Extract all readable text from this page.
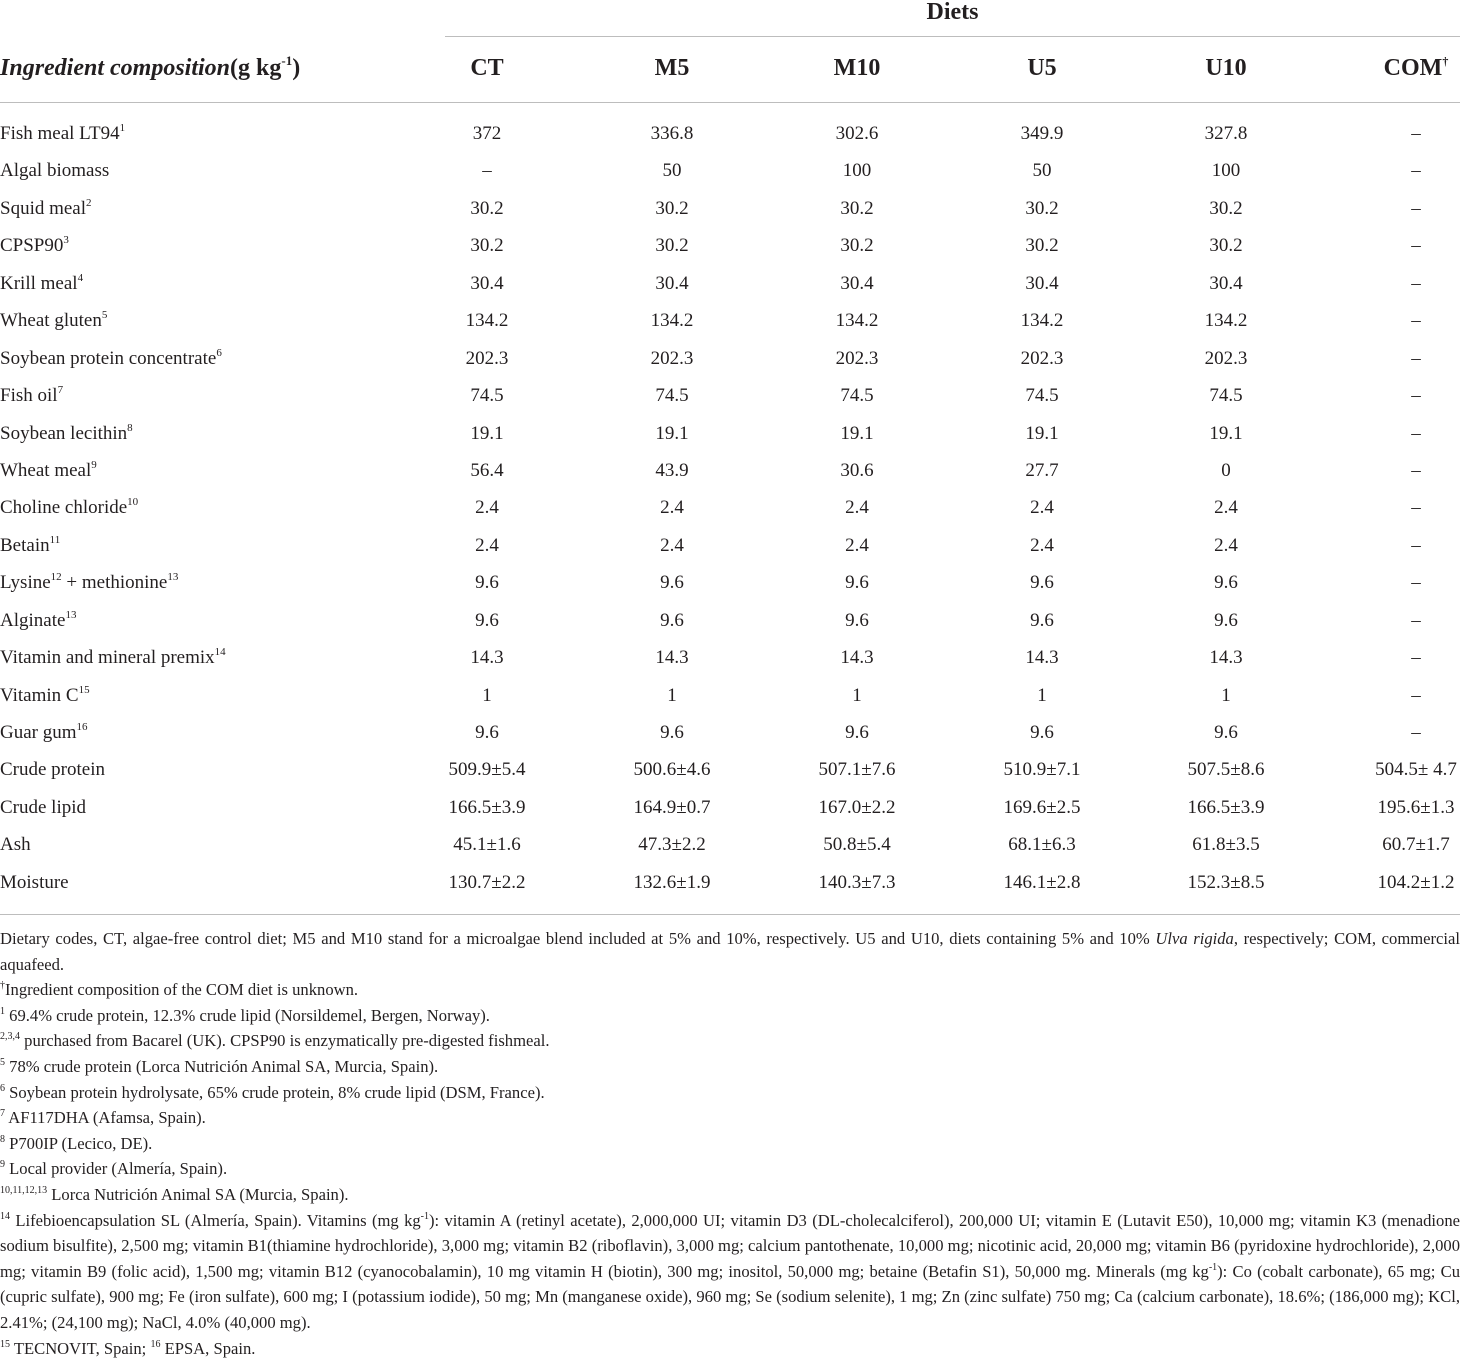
Diets
Ingredient composition(g $kg^{-1}$)	CT	M5	M10	U5	U10	COM†
Fish meal $LT94^1$	372	336.8	302.6	349.9	327.8	–
Algal biomass	–	50	100	50	100	–
Squid meal$^2$	30.2	30.2	30.2	30.2	30.2	–
$CPSP90^3$	30.2	30.2	30.2	30.2	30.2	–
Krill meal$^4$	30.4	30.4	30.4	30.4	30.4	–
Wheat gluten$^5$	134.2	134.2	134.2	134.2	134.2	–
Soybean protein concentrate$^6$	202.3	202.3	202.3	202.3	202.3	–
Fish oil$^7$	74.5	74.5	74.5	74.5	74.5	–
Soybean lecithin$^8$	19.1	19.1	19.1	19.1	19.1	–
Wheat meal$^9$	56.4	43.9	30.6	27.7	0	–
Choline chloride$^{10}$	2.4	2.4	2.4	2.4	2.4	–
Betain$^{11}$	2.4	2.4	2.4	2.4	2.4	–
Lysine$^{12}$ + methionine$^{13}$	9.6	9.6	9.6	9.6	9.6	–
Alginate$^{13}$	9.6	9.6	9.6	9.6	9.6	–
Vitamin and mineral premix$^{14}$	14.3	14.3	14.3	14.3	14.3	–
Vitamin $C^{15}$	1	1	1	1	1	–
Guar gum$^{16}$	9.6	9.6	9.6	9.6	9.6	–
Crude protein	509.9±5.4	500.6±4.6	507.1±7.6	510.9±7.1	507.5±8.6	504.5± 4.7
Crude lipid	166.5±3.9	164.9±0.7	167.0±2.2	169.6±2.5	166.5±3.9	195.6±1.3
Ash	45.1±1.6	47.3±2.2	50.8±5.4	68.1±6.3	61.8±3.5	60.7±1.7
Moisture	130.7±2.2	132.6±1.9	140.3±7.3	146.1±2.8	152.3±8.5	104.2±1.2

Dietary codes, CT, algae-free control diet; M5 and M10 stand for a microalgae blend included at 5% and 10%, respectively. U5 and U10, diets containing 5% and 10% Ulva rigida, respectively; COM, commercial aquafeed.

†Ingredient composition of the COM diet is unknown.

$^1$ 69.4% crude protein, 12.3% crude lipid (Norsildemel, Bergen, Norway).

$^{2,3,4}$ purchased from Bacarel (UK). CPSP90 is enzymatically pre-digested fishmeal.

$^5$ 78% crude protein (Lorca Nutrición Animal SA, Murcia, Spain).

$^6$ Soybean protein hydrolysate, 65% crude protein, 8% crude lipid (DSM, France).

$^7$ AF117DHA (Afamsa, Spain).

$^8$ P700IP (Lecico, DE).

$^9$ Local provider (Almería, Spain).

$^{10,11,12,13}$ Lorca Nutrición Animal SA (Murcia, Spain).

$^{14}$ Lifebioencapsulation SL (Almería, Spain). Vitamins (mg $kg^{-1}$): vitamin A (retinyl acetate), 2,000,000 UI; vitamin D3 (DL-cholecalciferol), 200,000 UI; vitamin E (Lutavit E50), 10,000 mg; vitamin K3 (menadione sodium bisulfite), 2,500 mg; vitamin B1(thiamine hydrochloride), 3,000 mg; vitamin B2 (riboflavin), 3,000 mg; calcium pantothenate, 10,000 mg; nicotinic acid, 20,000 mg; vitamin B6 (pyridoxine hydrochloride), 2,000 mg; vitamin B9 (folic acid), 1,500 mg; vitamin B12 (cyanocobalamin), 10 mg vitamin H (biotin), 300 mg; inositol, 50,000 mg; betaine (Betafin S1), 50,000 mg. Minerals (mg $kg^{-1}$): Co (cobalt carbonate), 65 mg; Cu (cupric sulfate), 900 mg; Fe (iron sulfate), 600 mg; I (potassium iodide), 50 mg; Mn (manganese oxide), 960 mg; Se (sodium selenite), 1 mg; Zn (zinc sulfate) 750 mg; Ca (calcium carbonate), 18.6%; (186,000 mg); KCl, 2.41%; (24,100 mg); NaCl, 4.0% (40,000 mg).

$^{15}$ TECNOVIT, Spain; $^{16}$ EPSA, Spain.
